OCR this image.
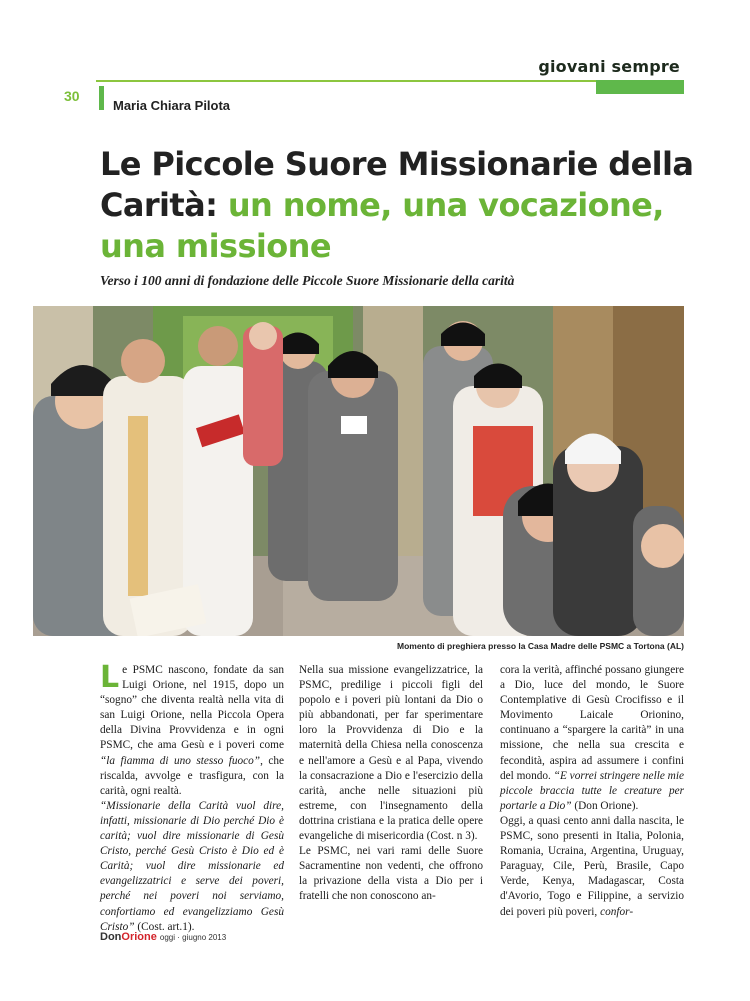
giovani sempre
30
Maria Chiara Pilota
Le Piccole Suore Missionarie della Carità: un nome, una vocazione, una missione
Verso i 100 anni di fondazione delle Piccole Suore Missionarie della carità
Momento di preghiera presso la Casa Madre delle PSMC a Tortona (AL)

Le PSMC nascono, fondate da san Luigi Orione, nel 1915, dopo un “sogno” che diventa realtà nella vita di san Luigi Orione, nella Piccola Opera della Divina Provvidenza e in ogni PSMC, che ama Gesù e i poveri come “la fiamma di uno stesso fuoco”, che riscalda, avvolge e trasfigura, con la carità, ogni realtà.

“Missionarie della Carità vuol dire, infatti, missionarie di Dio perché Dio è carità; vuol dire missionarie di Gesù Cristo, perché Gesù Cristo è Dio ed è Carità; vuol dire missionarie ed evangelizzatrici e serve dei poveri, perché nei poveri noi serviamo, confortiamo ed evangelizziamo Gesù Cristo” (Cost. art.1).

Nella sua missione evangelizzatrice, la PSMC, predilige i piccoli figli del popolo e i poveri più lontani da Dio o più abbandonati, per far sperimentare loro la Provvidenza di Dio e la maternità della Chiesa nella conoscenza e nell'amore a Gesù e al Papa, vivendo la consacrazione a Dio e l'esercizio della carità, anche nelle situazioni più estreme, con l'insegnamento della dottrina cristiana e la pratica delle opere evangeliche di misericordia (Cost. n 3).

Le PSMC, nei vari rami delle Suore Sacramentine non vedenti, che offrono la privazione della vista a Dio per i fratelli che non conoscono an-

cora la verità, affinché possano giungere a Dio, luce del mondo, le Suore Contemplative di Gesù Crocifisso e il Movimento Laicale Orionino, continuano a “spargere la carità” in una missione, che nella sua crescita e fecondità, aspira ad assumere i confini del mondo. “E vorrei stringere nelle mie piccole braccia tutte le creature per portarle a Dio” (Don Orione).

Oggi, a quasi cento anni dalla nascita, le PSMC, sono presenti in Italia, Polonia, Romania, Ucraina, Argentina, Uruguay, Paraguay, Cile, Perù, Brasile, Capo Verde, Kenya, Madagascar, Costa d'Avorio, Togo e Filippine, a servizio dei poveri più poveri, confor-

DonOrione oggi · giugno 2013
